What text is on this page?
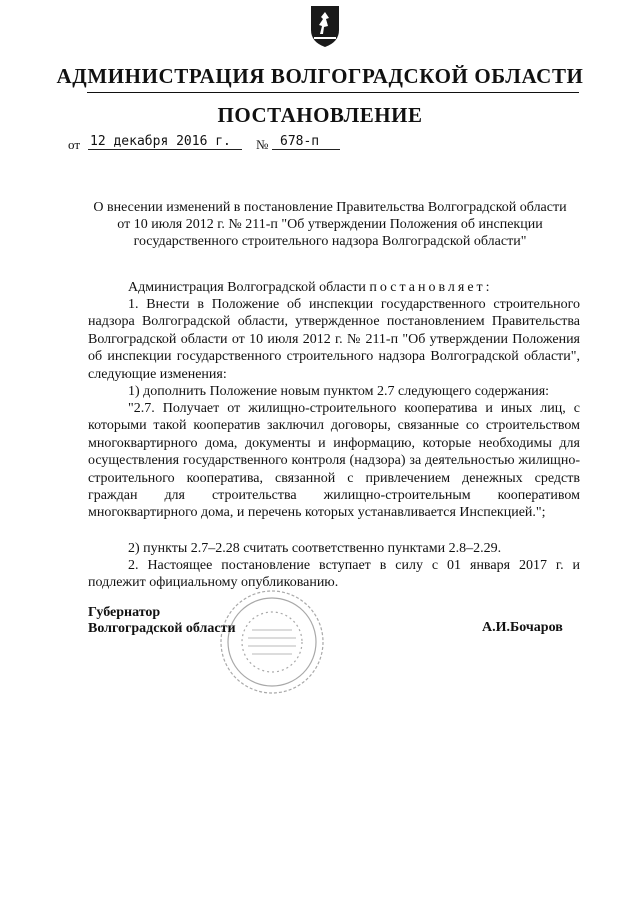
АДМИНИСТРАЦИЯ ВОЛГОГРАДСКОЙ ОБЛАСТИ
ПОСТАНОВЛЕНИЕ
от 12 декабря 2016 г.	№ 678-п
О внесении изменений в постановление Правительства Волгоградской области
от 10 июля 2012 г. № 211-п "Об утверждении Положения об инспекции
государственного строительного надзора Волгоградской области"
Администрация Волгоградской области постановляет:
1. Внести в Положение об инспекции государственного строительного надзора Волгоградской области, утвержденное постановлением Правительства Волгоградской области от 10 июля 2012 г. № 211-п "Об утверждении Положения об инспекции государственного строительного надзора Волгоградской области", следующие изменения:
1) дополнить Положение новым пунктом 2.7 следующего содержания:
"2.7. Получает от жилищно-строительного кооператива и иных лиц, с которыми такой кооператив заключил договоры, связанные со строительством многоквартирного дома, документы и информацию, которые необходимы для осуществления государственного контроля (надзора) за деятельностью жилищно-строительного кооператива, связанной с привлечением денежных средств граждан для строительства жилищно-строительным кооперативом многоквартирного дома, и перечень которых устанавливается Инспекцией.";
2) пункты 2.7–2.28 считать соответственно пунктами 2.8–2.29.
2. Настоящее постановление вступает в силу с 01 января 2017 г. и подлежит официальному опубликованию.
Губернатор
Волгоградской области	А.И.Бочаров
